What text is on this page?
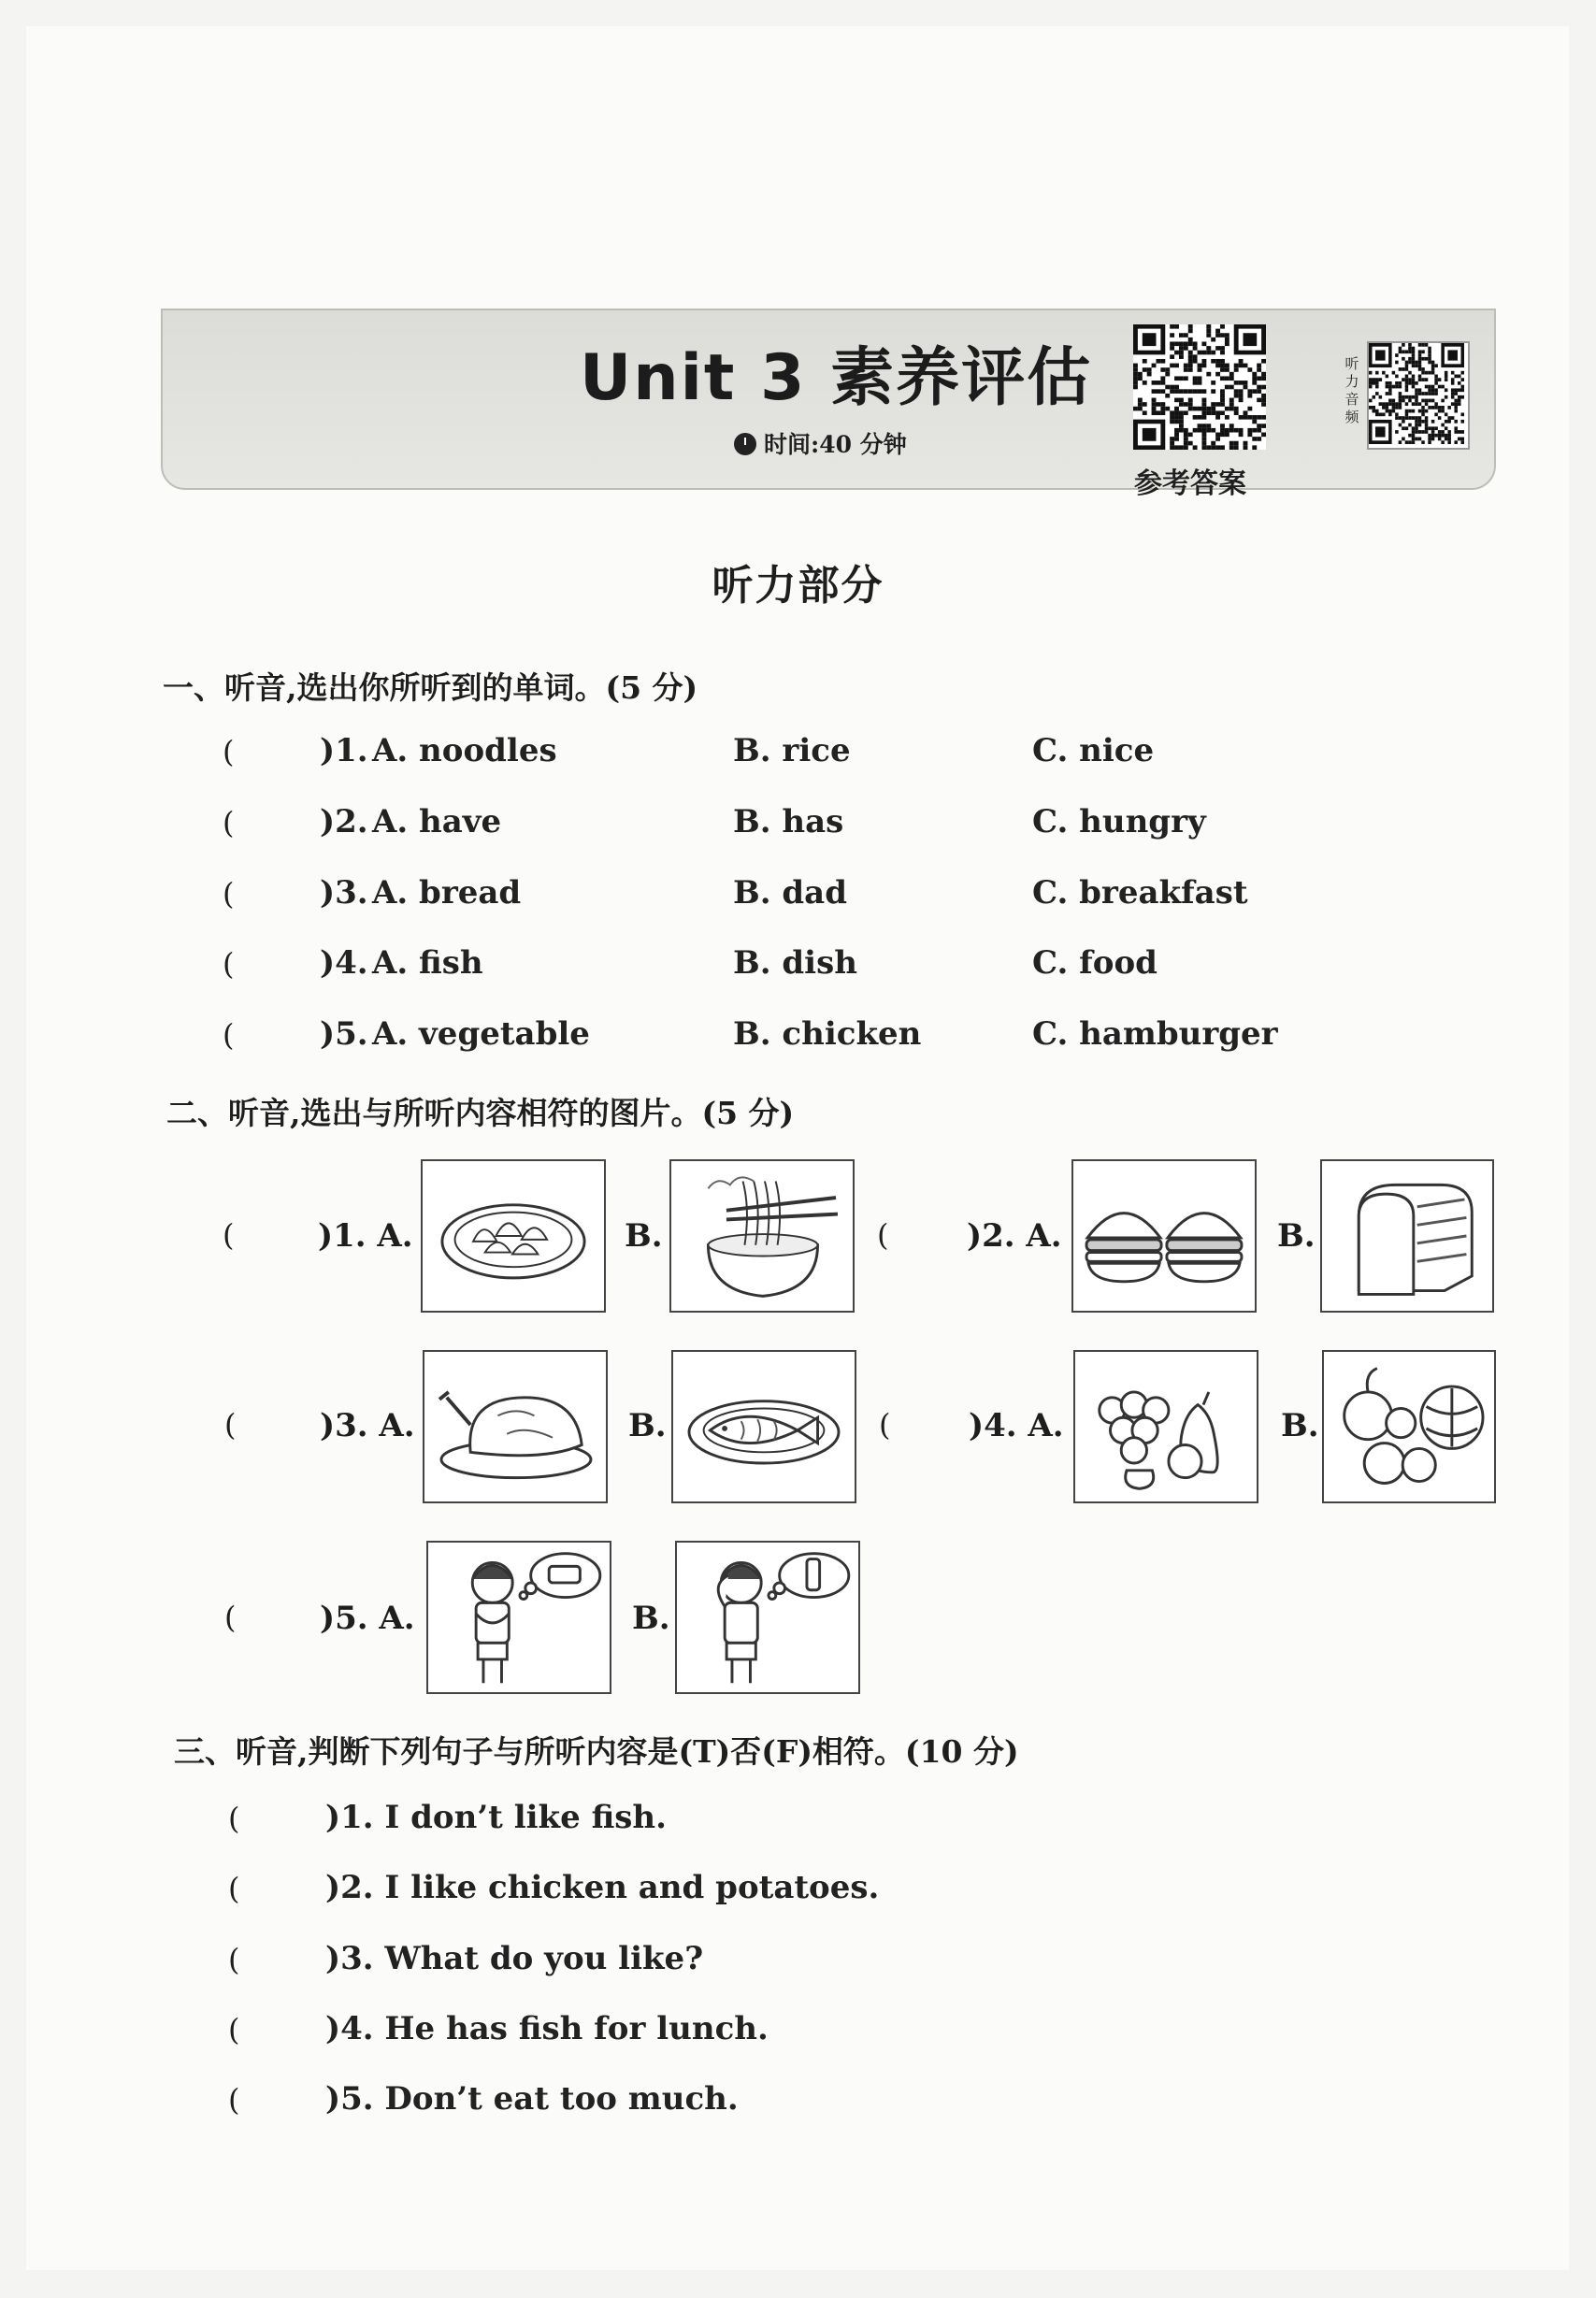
Unit 3 素养评估
时间:40 分钟
参考答案
听力音频
听力部分
一、听音,选出你所听到的单词。(5 分)
(	)1. A. noodles	B. rice	C. nice
(	)2. A. have	B. has	C. hungry
(	)3. A. bread	B. dad	C. breakfast
(	)4. A. fish	B. dish	C. food
(	)5. A. vegetable	B. chicken	C. hamburger
二、听音,选出与所听内容相符的图片。(5 分)
(	)1. A.	B.	( )2. A.	B.
(	)3. A.	B.	( )4. A.	B.
(	)5. A.	B.
三、听音,判断下列句子与所听内容是(T)否(F)相符。(10 分)
(	)1. I don’t like fish.
(	)2. I like chicken and potatoes.
(	)3. What do you like?
(	)4. He has fish for lunch.
(	)5. Don’t eat too much.
